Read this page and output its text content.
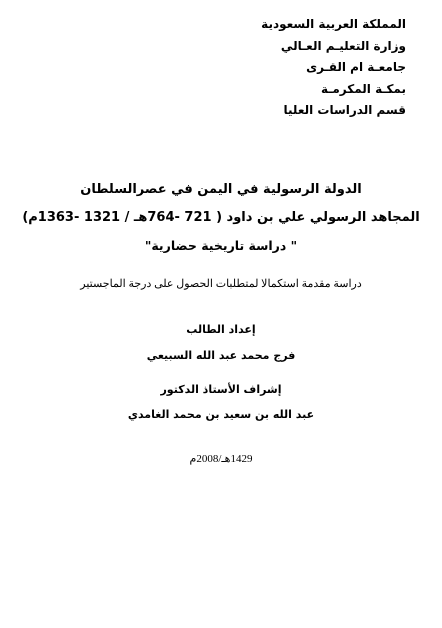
المملكة العربية السعودية
وزارة التعليـم العـالي
جامعـة ام القـرى
بمكـة المكرمـة
قسم الدراسات العليا
الدولة الرسولية في اليمن في عصرالسلطان
المجاهد الرسولي علي بن داود ( 721 -764هـ / 1321 -1363م)
" دراسة تاريخية حضارية"
دراسة مقدمة استكمالا لمتطلبات الحصول على درجة الماجستير
إعداد الطالب
فرج محمد عبد الله السبيعي
إشراف الأستاذ الدكتور
عبد الله بن سعيد بن محمد الغامدي
1429هـ/2008م
